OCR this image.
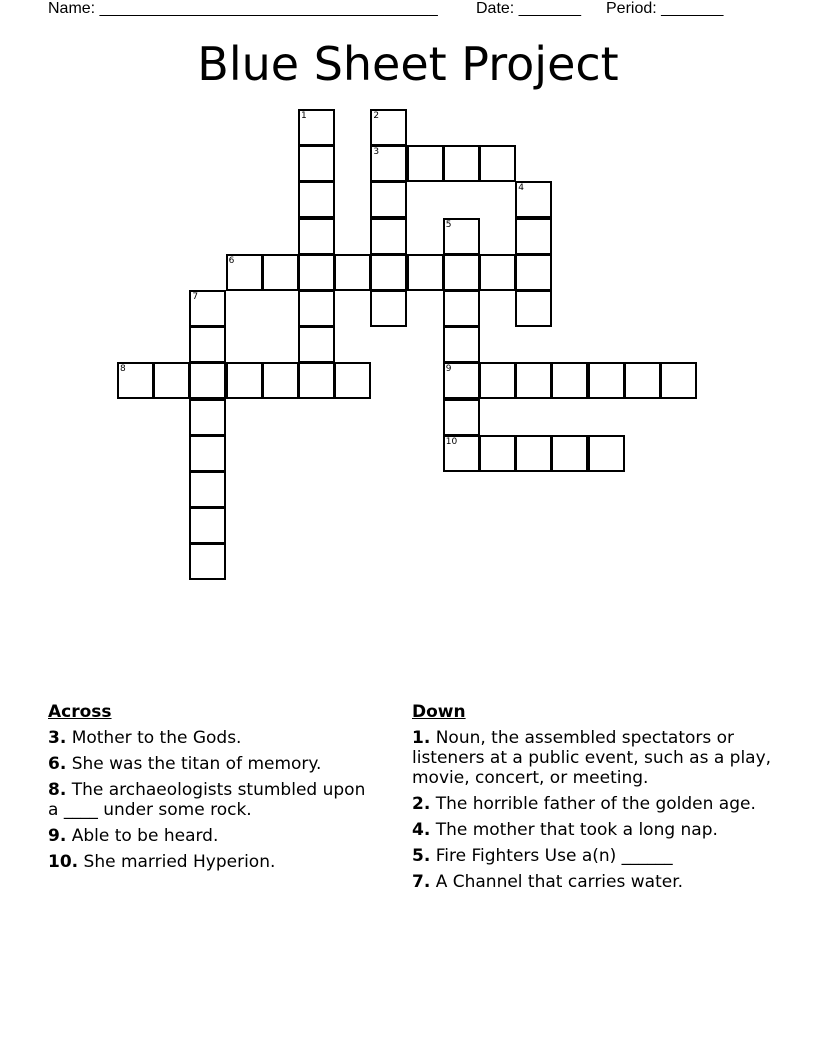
Name: ______________________________________ Date: _______ Period: _______
Blue Sheet Project
1	2
3
4
5
6
7
8	9
10
Across
3. Mother to the Gods.
6. She was the titan of memory.
8. The archaeologists stumbled upon a ____ under some rock.
9. Able to be heard.
10. She married Hyperion.
Down
1. Noun, the assembled spectators or listeners at a public event, such as a play, movie, concert, or meeting.
2. The horrible father of the golden age.
4. The mother that took a long nap.
5. Fire Fighters Use a(n) ______
7. A Channel that carries water.
